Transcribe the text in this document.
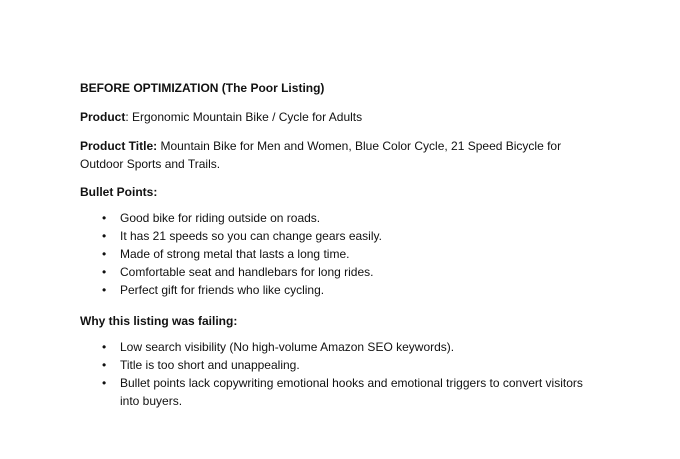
BEFORE OPTIMIZATION (The Poor Listing)

Product: Ergonomic Mountain Bike / Cycle for Adults

Product Title: Mountain Bike for Men and Women, Blue Color Cycle, 21 Speed Bicycle for Outdoor Sports and Trails.

Bullet Points:

• Good bike for riding outside on roads.
• It has 21 speeds so you can change gears easily.
• Made of strong metal that lasts a long time.
• Comfortable seat and handlebars for long rides.
• Perfect gift for friends who like cycling.

Why this listing was failing:

• Low search visibility (No high-volume Amazon SEO keywords).
• Title is too short and unappealing.
• Bullet points lack copywriting emotional hooks and emotional triggers to convert visitors into buyers.
